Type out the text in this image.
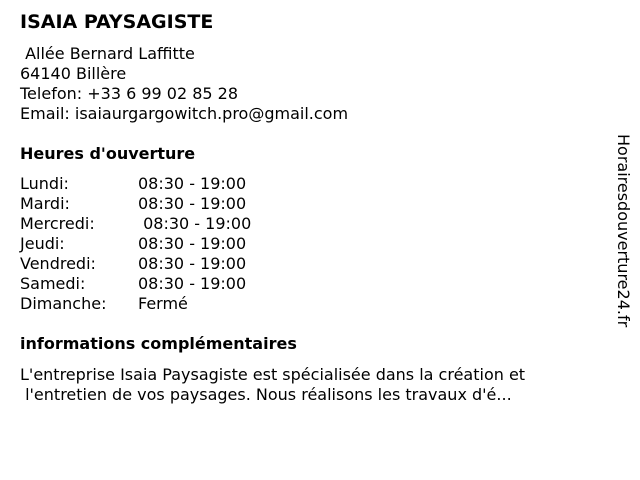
ISAIA PAYSAGISTE
Allée Bernard Laffitte
64140 Billère
Telefon: +33 6 99 02 85 28
Email: isaiaurgargowitch.pro@gmail.com
Heures d'ouverture
Lundi:	08:30 - 19:00
Mardi:	08:30 - 19:00
Mercredi:	08:30 - 19:00
Jeudi:	08:30 - 19:00
Vendredi:	08:30 - 19:00
Samedi:	08:30 - 19:00
Dimanche: Fermé
informations complémentaires
L'entreprise Isaia Paysagiste est spécialisée dans la création et
l'entretien de vos paysages. Nous réalisons les travaux d'é...
Horairesdouverture24.fr
